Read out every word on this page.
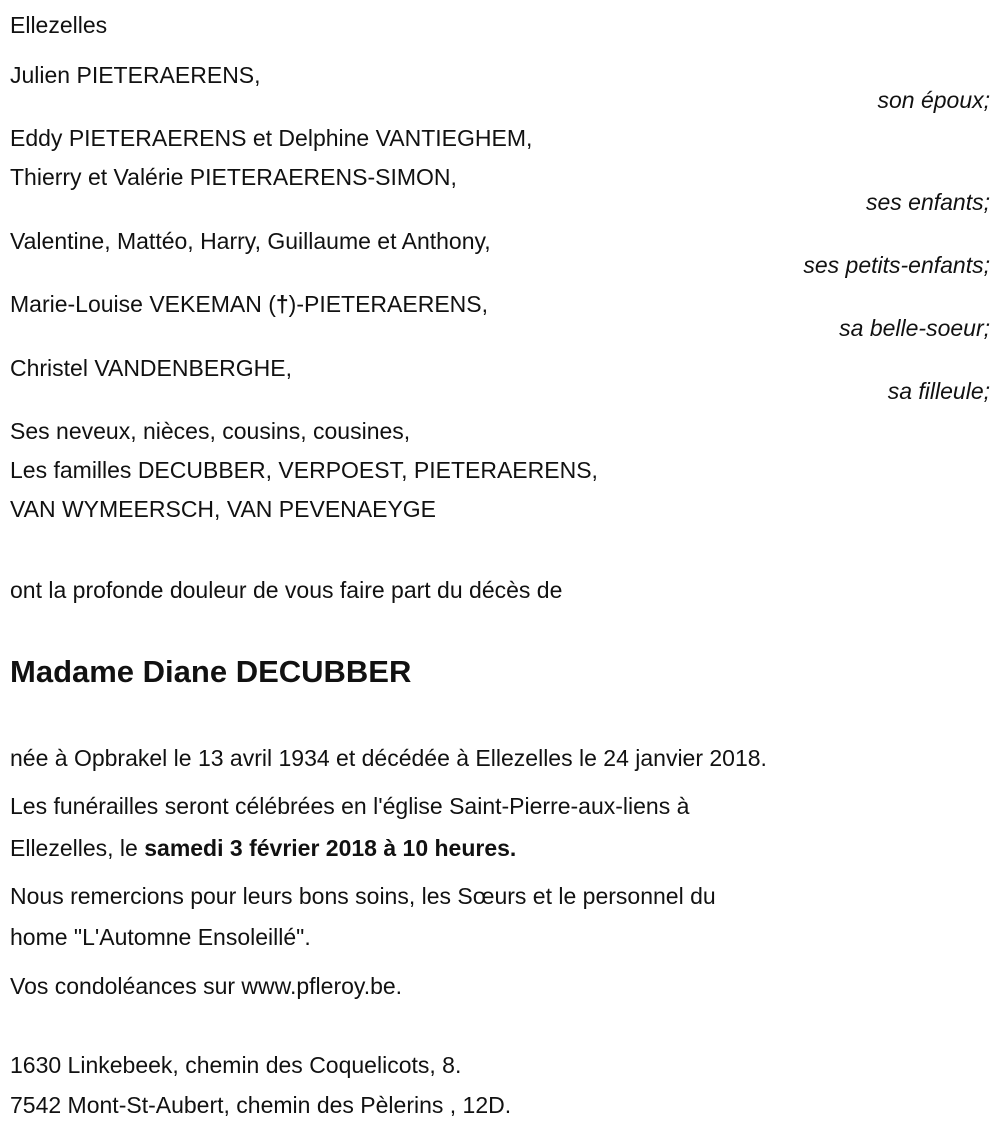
Ellezelles
Julien PIETERAERENS,
son époux;
Eddy PIETERAERENS et Delphine VANTIEGHEM,
Thierry et Valérie PIETERAERENS-SIMON,
ses enfants;
Valentine, Mattéo, Harry, Guillaume et Anthony,
ses petits-enfants;
Marie-Louise VEKEMAN (†)-PIETERAERENS,
sa belle-soeur;
Christel VANDENBERGHE,
sa filleule;
Ses neveux, nièces, cousins, cousines,
Les familles DECUBBER, VERPOEST, PIETERAERENS,
VAN WYMEERSCH, VAN PEVENAEYGE
ont la profonde douleur de vous faire part du décès de
Madame Diane DECUBBER
née à Opbrakel le 13 avril 1934 et décédée à Ellezelles le 24 janvier 2018.
Les funérailles seront célébrées en l'église Saint-Pierre-aux-liens à
Ellezelles, le samedi 3 février 2018 à 10 heures.
Nous remercions pour leurs bons soins, les Sœurs et le personnel du
home "L'Automne Ensoleillé".
Vos condoléances sur www.pfleroy.be.
1630 Linkebeek, chemin des Coquelicots, 8.
7542 Mont-St-Aubert, chemin des Pèlerins , 12D.
